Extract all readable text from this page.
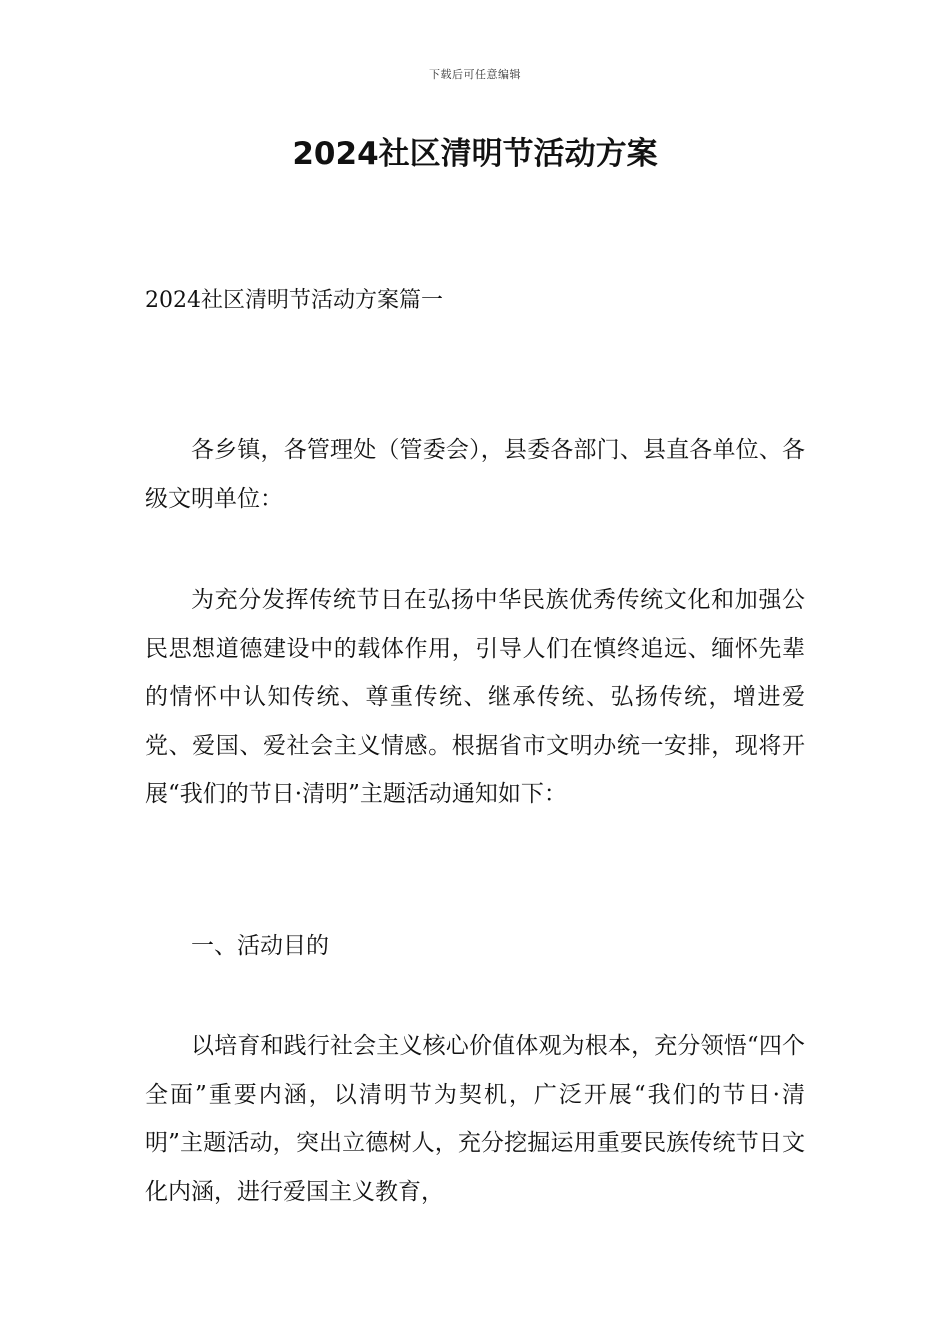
下载后可任意编辑
2024社区清明节活动方案
2024社区清明节活动方案篇一

各乡镇，各管理处（管委会），县委各部门、县直各单位、各级文明单位：

为充分发挥传统节日在弘扬中华民族优秀传统文化和加强公民思想道德建设中的载体作用，引导人们在慎终追远、缅怀先辈的情怀中认知传统、尊重传统、继承传统、弘扬传统，增进爱党、爱国、爱社会主义情感。根据省市文明办统一安排，现将开展“我们的节日·清明”主题活动通知如下：

一、活动目的

以培育和践行社会主义核心价值体观为根本，充分领悟“四个全面”重要内涵，以清明节为契机，广泛开展“我们的节日·清明”主题活动，突出立德树人，充分挖掘运用重要民族传统节日文化内涵，进行爱国主义教育，
